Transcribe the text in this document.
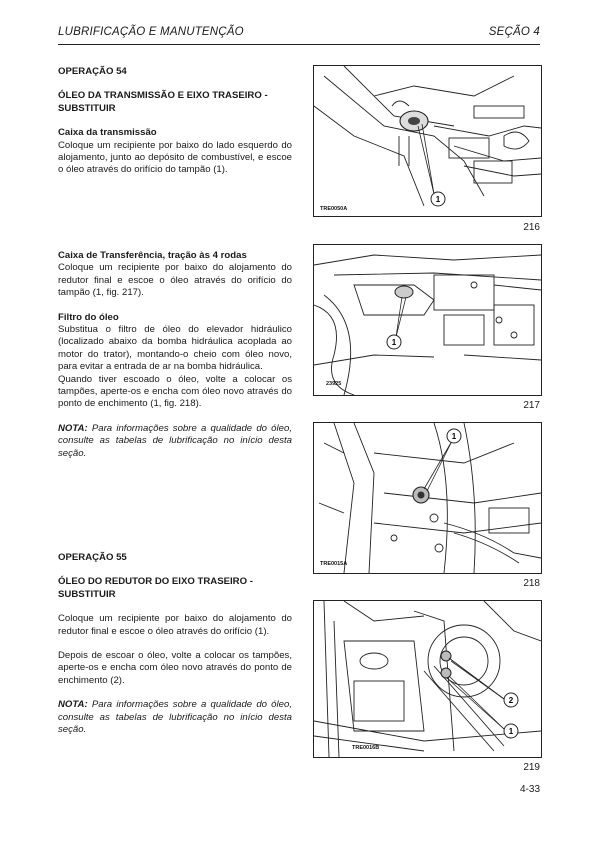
LUBRIFICAÇÃO E MANUTENÇÃO	SEÇÃO 4

OPERAÇÃO 54

ÓLEO DA TRANSMISSÃO E EIXO TRASEIRO - SUBSTITUIR

Caixa da transmissão

Coloque um recipiente por baixo do lado esquerdo do alojamento, junto ao depósito de combustível, e escoe o óleo através do orifício do tampão (1).

Caixa de Transferência, tração às 4 rodas

Coloque um recipiente por baixo do alojamento do redutor final e escoe o óleo através do orifício do tampão (1, fig. 217).

Filtro do óleo

Substitua o filtro de óleo do elevador hidráulico (localizado abaixo da bomba hidráulica acoplada ao motor do trator), montando-o cheio com óleo novo, para evitar a entrada de ar na bomba hidráulica.

Quando tiver escoado o óleo, volte a colocar os tampões, aperte-os e encha com óleo novo através do ponto de enchimento (1, fig. 218).

NOTA: Para informações sobre a qualidade do óleo, consulte as tabelas de lubrificação no início desta seção.

OPERAÇÃO 55

ÓLEO DO REDUTOR DO EIXO TRASEIRO - SUBSTITUIR

Coloque um recipiente por baixo do alojamento do redutor final e escoe o óleo através do orifício (1).

Depois de escoar o óleo, volte a colocar os tampões, aperte-os e encha com óleo novo através do ponto de enchimento (2).

NOTA: Para informações sobre a qualidade do óleo, consulte as tabelas de lubrificação no início desta seção.

1
TRE0050A
216
1
23925
217
1
TRE0015A
218
2
1
TRE0016B
219
4-33
